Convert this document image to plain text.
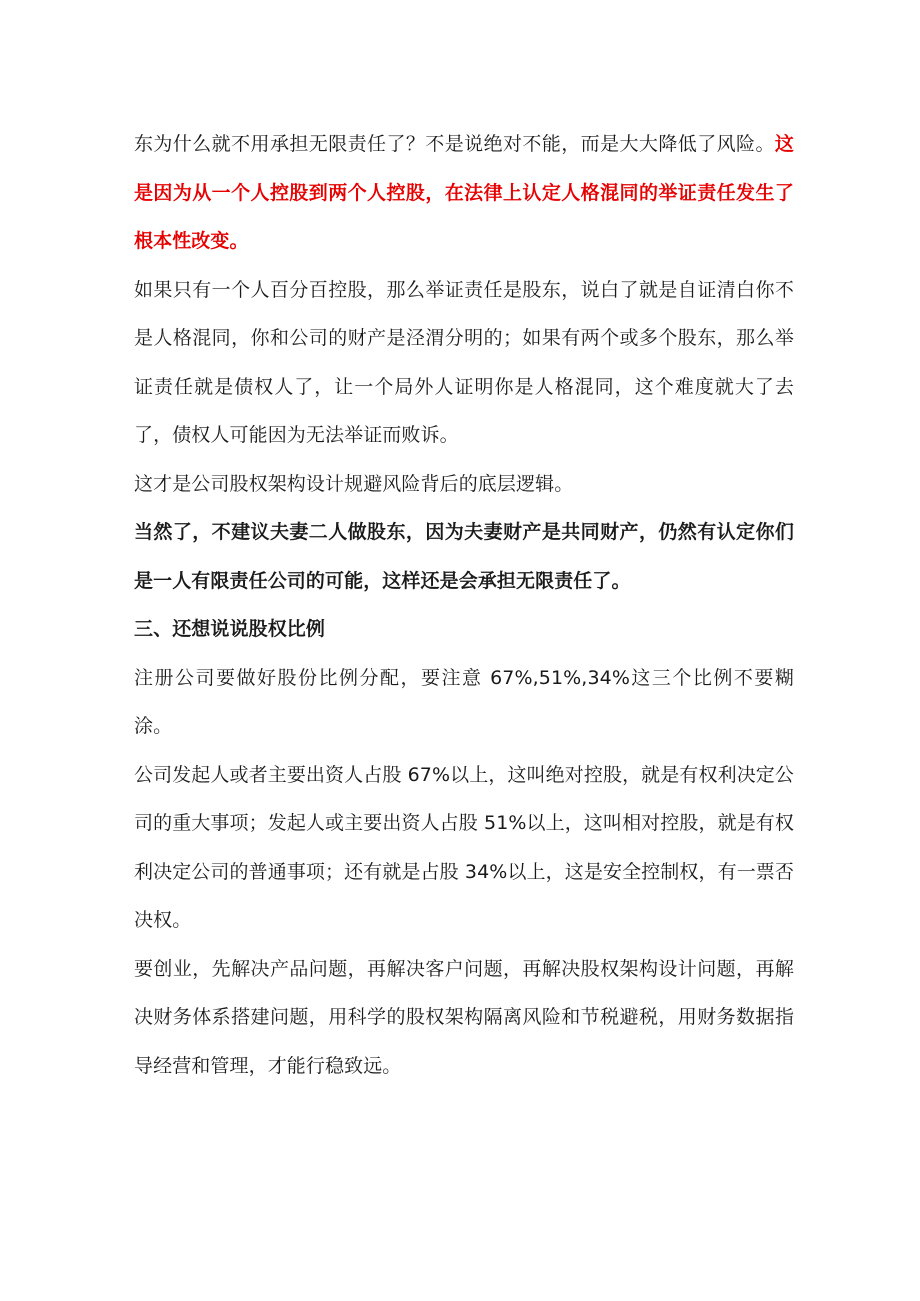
东为什么就不用承担无限责任了？不是说绝对不能，而是大大降低了风险。这是因为从一个人控股到两个人控股，在法律上认定人格混同的举证责任发生了根本性改变。

如果只有一个人百分百控股，那么举证责任是股东，说白了就是自证清白你不是人格混同，你和公司的财产是泾渭分明的；如果有两个或多个股东，那么举证责任就是债权人了，让一个局外人证明你是人格混同，这个难度就大了去了，债权人可能因为无法举证而败诉。

这才是公司股权架构设计规避风险背后的底层逻辑。

当然了，不建议夫妻二人做股东，因为夫妻财产是共同财产，仍然有认定你们是一人有限责任公司的可能，这样还是会承担无限责任了。

三、还想说说股权比例

注册公司要做好股份比例分配，要注意 67%,51%,34%这三个比例不要糊涂。

公司发起人或者主要出资人占股 67%以上，这叫绝对控股，就是有权利决定公司的重大事项；发起人或主要出资人占股 51%以上，这叫相对控股，就是有权利决定公司的普通事项；还有就是占股 34%以上，这是安全控制权，有一票否决权。

要创业，先解决产品问题，再解决客户问题，再解决股权架构设计问题，再解决财务体系搭建问题，用科学的股权架构隔离风险和节税避税，用财务数据指导经营和管理，才能行稳致远。
